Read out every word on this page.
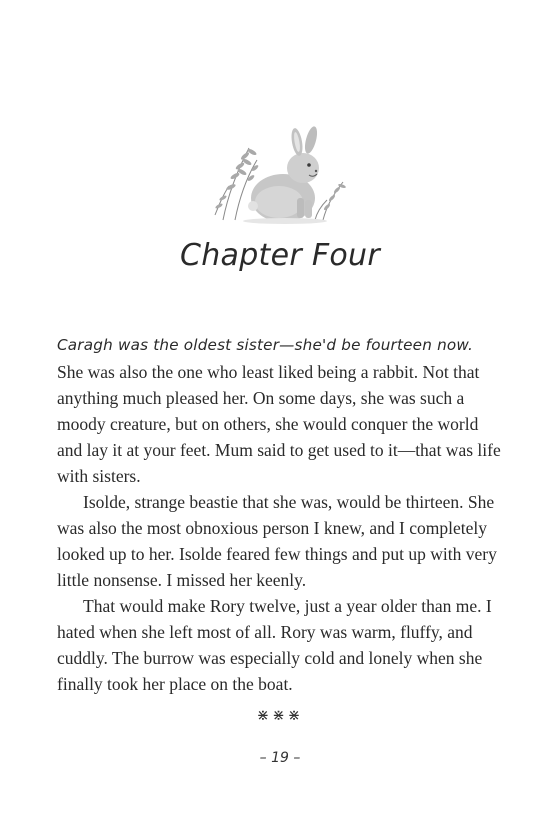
Chapter Four

Caragh was the oldest sister—she'd be fourteen now.
She was also the one who least liked being a rabbit. Not that anything much pleased her. On some days, she was such a moody creature, but on others, she would conquer the world and lay it at your feet. Mum said to get used to it—that was life with sisters.

Isolde, strange beastie that she was, would be thirteen. She was also the most obnoxious person I knew, and I completely looked up to her. Isolde feared few things and put up with very little nonsense. I missed her keenly.

That would make Rory twelve, just a year older than me. I hated when she left most of all. Rory was warm, fluffy, and cuddly. The burrow was especially cold and lonely when she finally took her place on the boat.

⋇⋇⋇
– 19 –
